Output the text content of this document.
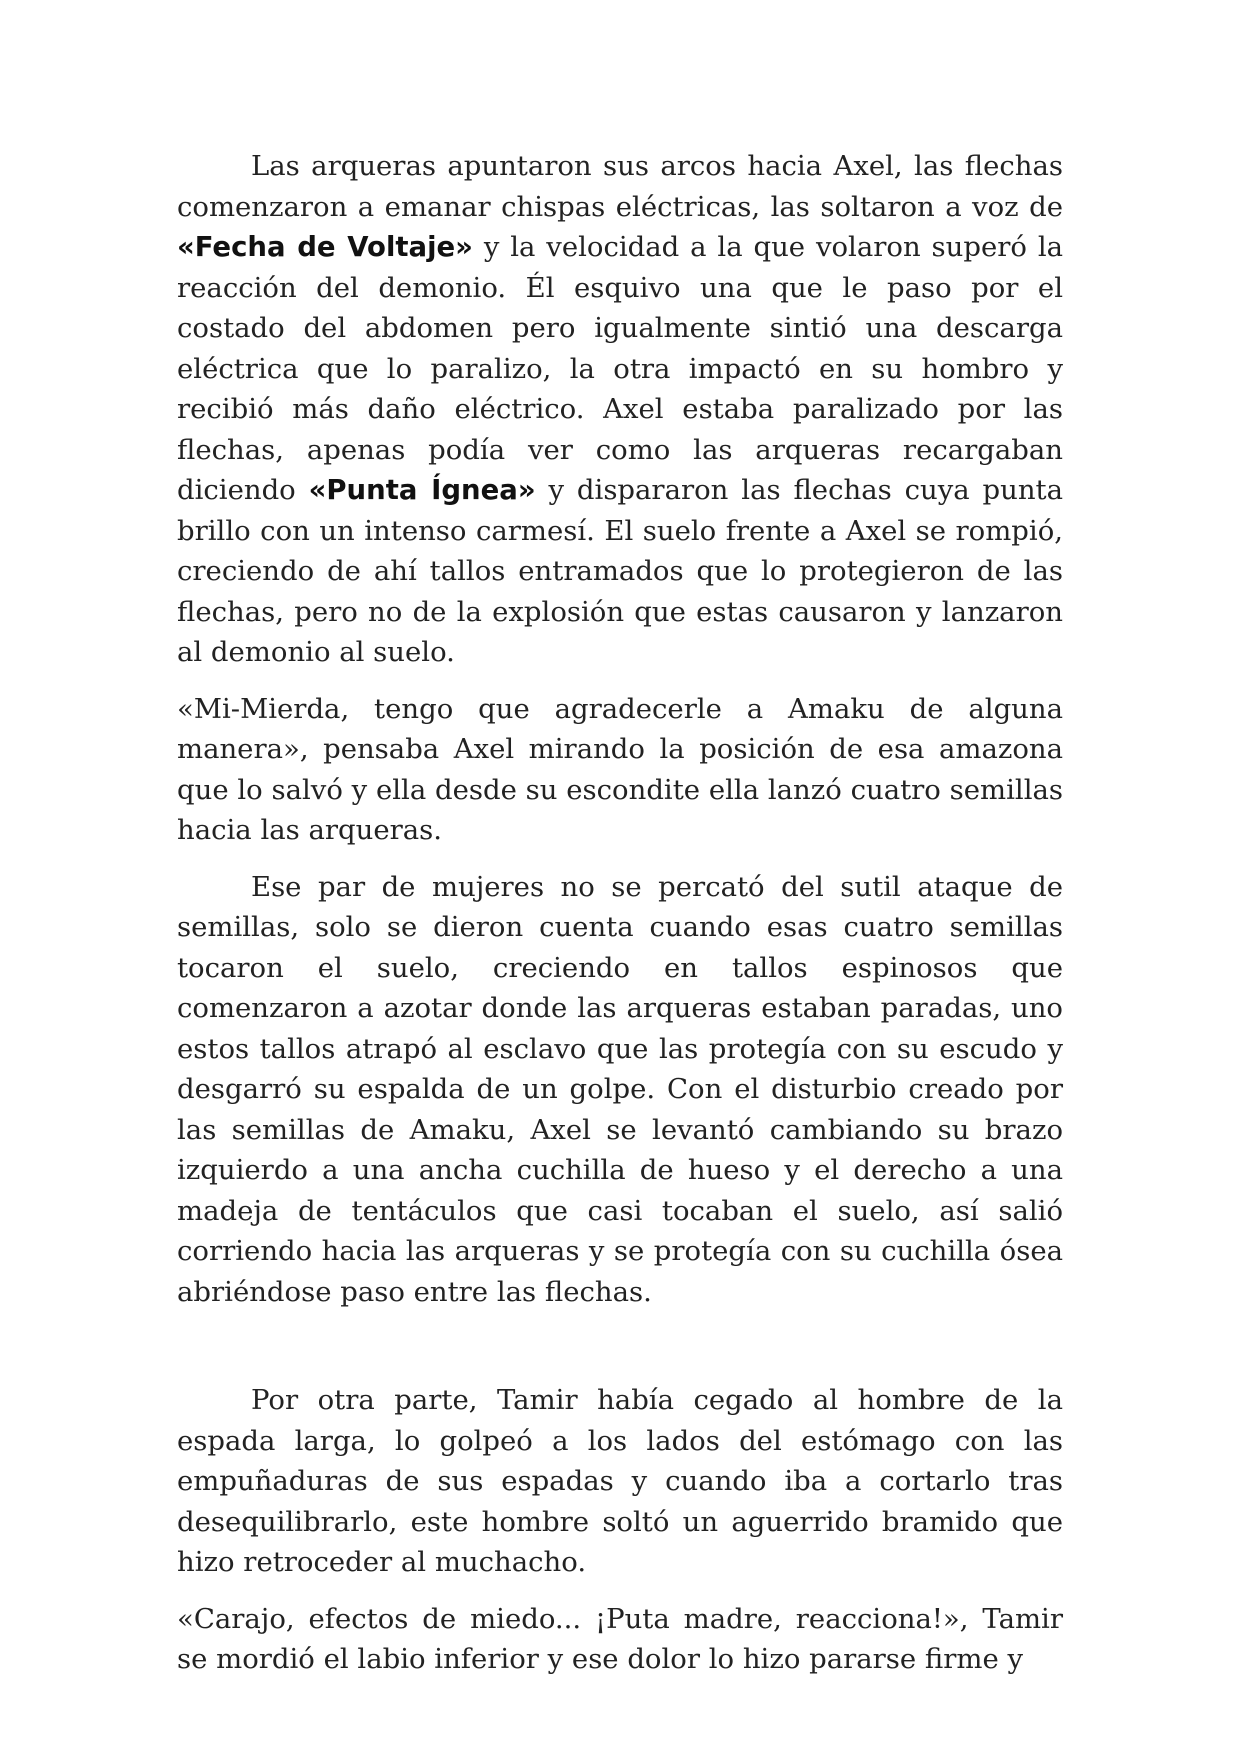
Las arqueras apuntaron sus arcos hacia Axel, las flechas comenzaron a emanar chispas eléctricas, las soltaron a voz de «Fecha de Voltaje» y la velocidad a la que volaron superó la reacción del demonio. Él esquivo una que le paso por el costado del abdomen pero igualmente sintió una descarga eléctrica que lo paralizo, la otra impactó en su hombro y recibió más daño eléctrico. Axel estaba paralizado por las flechas, apenas podía ver como las arqueras recargaban diciendo «Punta Ígnea» y dispararon las flechas cuya punta brillo con un intenso carmesí. El suelo frente a Axel se rompió, creciendo de ahí tallos entramados que lo protegieron de las flechas, pero no de la explosión que estas causaron y lanzaron al demonio al suelo.

«Mi-Mierda, tengo que agradecerle a Amaku de alguna manera», pensaba Axel mirando la posición de esa amazona que lo salvó y ella desde su escondite ella lanzó cuatro semillas hacia las arqueras.

Ese par de mujeres no se percató del sutil ataque de semillas, solo se dieron cuenta cuando esas cuatro semillas tocaron el suelo, creciendo en tallos espinosos que comenzaron a azotar donde las arqueras estaban paradas, uno estos tallos atrapó al esclavo que las protegía con su escudo y desgarró su espalda de un golpe. Con el disturbio creado por las semillas de Amaku, Axel se levantó cambiando su brazo izquierdo a una ancha cuchilla de hueso y el derecho a una madeja de tentáculos que casi tocaban el suelo, así salió corriendo hacia las arqueras y se protegía con su cuchilla ósea abriéndose paso entre las flechas.

Por otra parte, Tamir había cegado al hombre de la espada larga, lo golpeó a los lados del estómago con las empuñaduras de sus espadas y cuando iba a cortarlo tras desequilibrarlo, este hombre soltó un aguerrido bramido que hizo retroceder al muchacho.

«Carajo, efectos de miedo... ¡Puta madre, reacciona!», Tamir se mordió el labio inferior y ese dolor lo hizo pararse firme y
